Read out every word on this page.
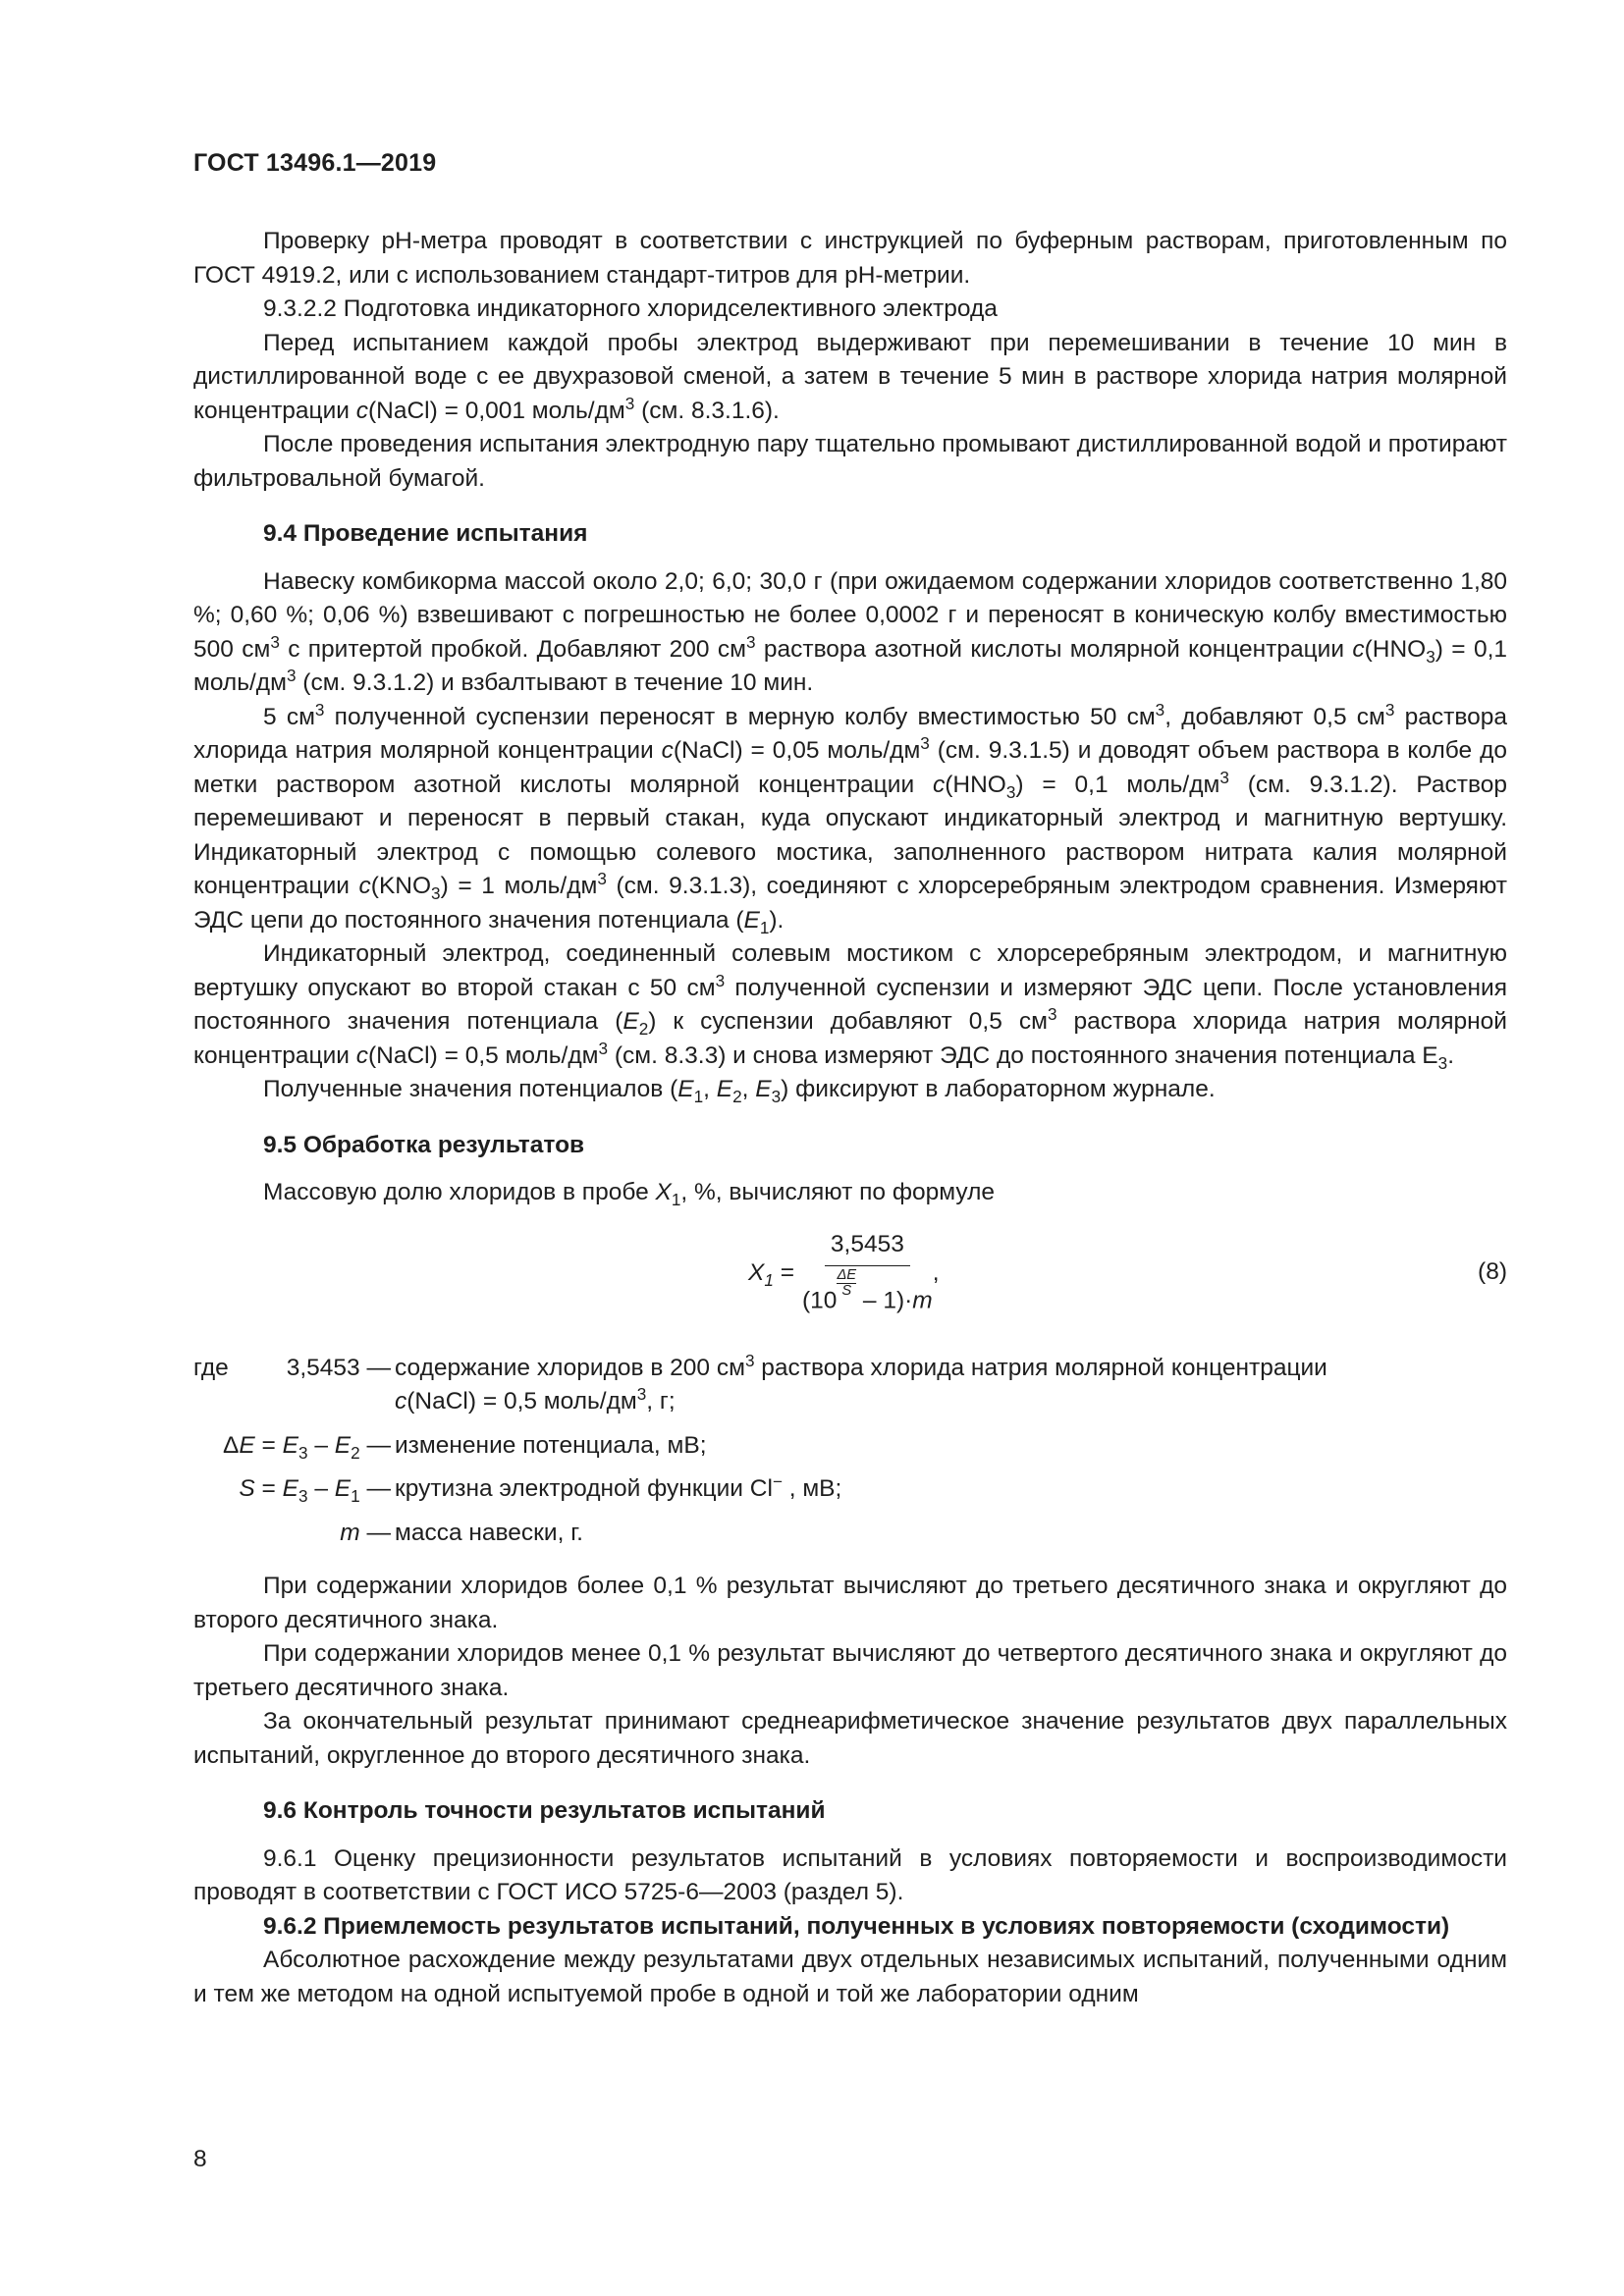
ГОСТ 13496.1—2019

Проверку pH-метра проводят в соответствии с инструкцией по буферным растворам, приготовленным по ГОСТ 4919.2, или с использованием стандарт-титров для pH-метрии.

9.3.2.2 Подготовка индикаторного хлоридселективного электрода

Перед испытанием каждой пробы электрод выдерживают при перемешивании в течение 10 мин в дистиллированной воде с ее двухразовой сменой, а затем в течение 5 мин в растворе хлорида натрия молярной концентрации c(NaCl) = 0,001 моль/$дм^3$ (см. 8.3.1.6).

После проведения испытания электродную пару тщательно промывают дистиллированной водой и протирают фильтровальной бумагой.

9.4 Проведение испытания

Навеску комбикорма массой около 2,0; 6,0; 30,0 г (при ожидаемом содержании хлоридов соответственно 1,80 %; 0,60 %; 0,06 %) взвешивают с погрешностью не более 0,0002 г и переносят в коническую колбу вместимостью 500 $см^3$ с притертой пробкой. Добавляют 200 $см^3$ раствора азотной кислоты молярной концентрации $c(HNO_3) = 0,1$ моль/$дм^3$ (см. 9.3.1.2) и взбалтывают в течение 10 мин.

5 $см^3$ полученной суспензии переносят в мерную колбу вместимостью 50 $см^3$, добавляют 0,5 $см^3$ раствора хлорида натрия молярной концентрации c(NaCl) = 0,05 моль/$дм^3$ (см. 9.3.1.5) и доводят объем раствора в колбе до метки раствором азотной кислоты молярной концентрации $c(HNO_3) = 0,1$ моль/$дм^3$ (см. 9.3.1.2). Раствор перемешивают и переносят в первый стакан, куда опускают индикаторный электрод и магнитную вертушку. Индикаторный электрод с помощью солевого мостика, заполненного раствором нитрата калия молярной концентрации $c(KNO_3) = 1$ моль/$дм^3$ (см. 9.3.1.3), соединяют с хлорсеребряным электродом сравнения. Измеряют ЭДС цепи до постоянного значения потенциала $(E_1)$.

Индикаторный электрод, соединенный солевым мостиком с хлорсеребряным электродом, и магнитную вертушку опускают во второй стакан с 50 $см^3$ полученной суспензии и измеряют ЭДС цепи. После установления постоянного значения потенциала $(E_2)$ к суспензии добавляют 0,5 $см^3$ раствора хлорида натрия молярной концентрации c(NaCl) = 0,5 моль/$дм^3$ (см. 8.3.3) и снова измеряют ЭДС до постоянного значения потенциала $Е_3$.

Полученные значения потенциалов ($E_1$, $E_2$, $E_3$) фиксируют в лабораторном журнале.

9.5 Обработка результатов

Массовую долю хлоридов в пробе $X_1$, %, вычисляют по формуле

$X_1 = 3,5453$
(10
$\frac{\Delta E}{S}$
– 1)·m ,	(8)
где	3,5453 — содержание хлоридов в 200 $см^3$ раствора хлорида натрия молярной концентрации
c(NaCl) = 0,5 моль/$дм^3$, г;
$\Delta E = E_3 - E_2$ — изменение потенциала, мВ;
$S = E_3 - E_1$ — крутизна электродной функции Cl− , мВ;
m — масса навески, г.

При содержании хлоридов более 0,1 % результат вычисляют до третьего десятичного знака и округляют до второго десятичного знака.

При содержании хлоридов менее 0,1 % результат вычисляют до четвертого десятичного знака и округляют до третьего десятичного знака.

За окончательный результат принимают среднеарифметическое значение результатов двух параллельных испытаний, округленное до второго десятичного знака.

9.6 Контроль точности результатов испытаний

9.6.1 Оценку прецизионности результатов испытаний в условиях повторяемости и воспроизводимости проводят в соответствии с ГОСТ ИСО 5725-6—2003 (раздел 5).

9.6.2 Приемлемость результатов испытаний, полученных в условиях повторяемости (сходимости)

Абсолютное расхождение между результатами двух отдельных независимых испытаний, полученными одним и тем же методом на одной испытуемой пробе в одной и той же лаборатории одним

8
